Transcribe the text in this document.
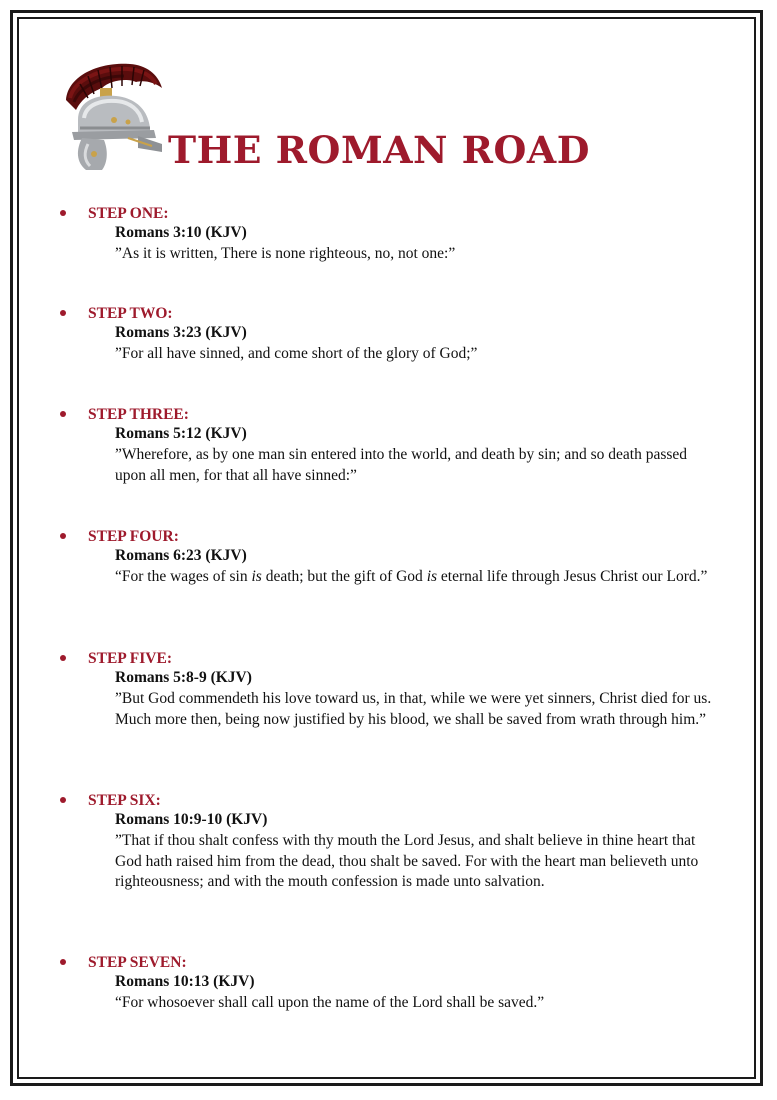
THE ROMAN ROAD
STEP ONE:
Romans 3:10 (KJV)
”As it is written, There is none righteous, no, not one:”
STEP TWO:
Romans 3:23 (KJV)
”For all have sinned, and come short of the glory of God;”
STEP THREE:
Romans 5:12 (KJV)
”Wherefore, as by one man sin entered into the world, and death by sin; and so death passed upon all men, for that all have sinned:”
STEP FOUR:
Romans 6:23 (KJV)
“For the wages of sin is death; but the gift of God is eternal life through Jesus Christ our Lord.”
STEP FIVE:
Romans 5:8-9 (KJV)
”But God commendeth his love toward us, in that, while we were yet sinners, Christ died for us. Much more then, being now justified by his blood, we shall be saved from wrath through him.”
STEP SIX:
Romans 10:9-10 (KJV)
”That if thou shalt confess with thy mouth the Lord Jesus, and shalt believe in thine heart that God hath raised him from the dead, thou shalt be saved. For with the heart man believeth unto righteousness; and with the mouth confession is made unto salvation.
STEP SEVEN:
Romans 10:13 (KJV)
“For whosoever shall call upon the name of the Lord shall be saved.”
